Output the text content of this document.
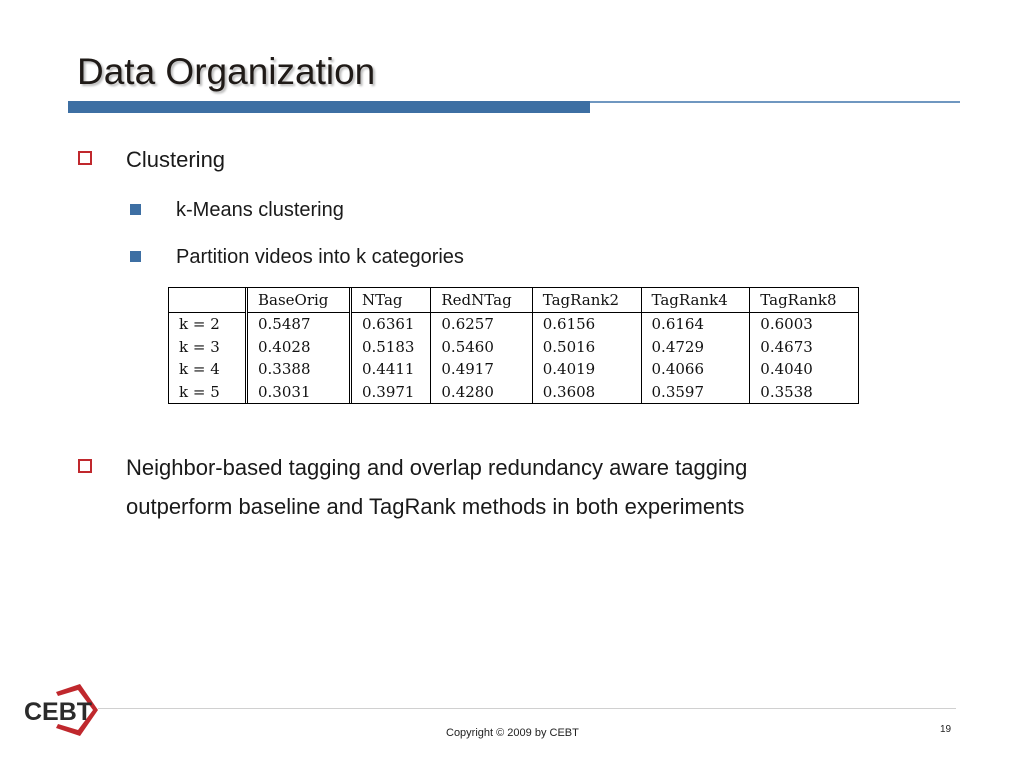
Data Organization
Clustering
k-Means clustering
Partition videos into k categories
	BaseOrig	NTag	RedNTag	TagRank2	TagRank4	TagRank8
k = 2	0.5487	0.6361	0.6257	0.6156	0.6164	0.6003
k = 3	0.4028	0.5183	0.5460	0.5016	0.4729	0.4673
k = 4	0.3388	0.4411	0.4917	0.4019	0.4066	0.4040
k = 5	0.3031	0.3971	0.4280	0.3608	0.3597	0.3538
Neighbor-based tagging and overlap redundancy aware tagging
outperform baseline and TagRank methods in both experiments
CEBT
Copyright © 2009 by CEBT	19
